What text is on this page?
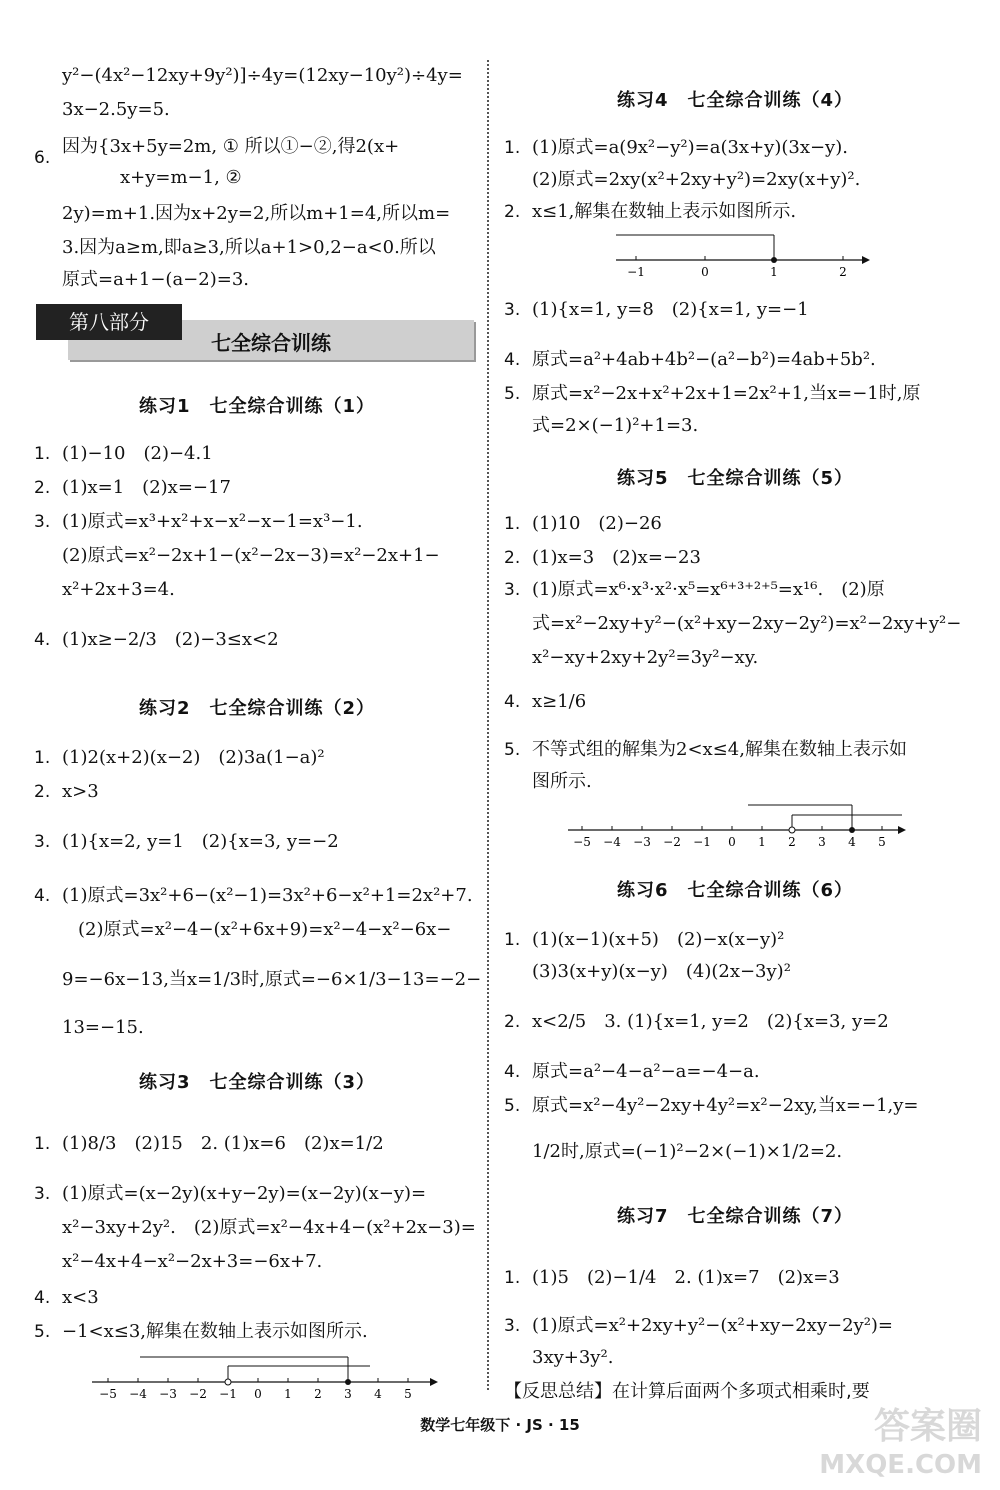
y²−(4x²−12xy+9y²)]÷4y=(12xy−10y²)÷4y=
3x−2.5y=5.
6.
因为{3x+5y=2m, ① 所以①−②,得2(x+
x+y=m−1, ②
2y)=m+1.因为x+2y=2,所以m+1=4,所以m=
3.因为a≥m,即a≥3,所以a+1>0,2−a<0.所以
原式=a+1−(a−2)=3.
七全综合训练
第八部分
练习1　七全综合训练（1）
1. (1)−10　(2)−4.1
2. (1)x=1　(2)x=−17
3. (1)原式=x³+x²+x−x²−x−1=x³−1.
(2)原式=x²−2x+1−(x²−2x−3)=x²−2x+1−
x²+2x+3=4.
4. (1)x≥−2/3　(2)−3≤x<2
练习2　七全综合训练（2）
1. (1)2(x+2)(x−2)　(2)3a(1−a)²
2. x>3
3. (1){x=2, y=1　(2){x=3, y=−2
4. (1)原式=3x²+6−(x²−1)=3x²+6−x²+1=2x²+7.
(2)原式=x²−4−(x²+6x+9)=x²−4−x²−6x−
9=−6x−13,当x=1/3时,原式=−6×1/3−13=−2−
13=−15.
练习3　七全综合训练（3）
1. (1)8/3　(2)15　2. (1)x=6　(2)x=1/2
3. (1)原式=(x−2y)(x+y−2y)=(x−2y)(x−y)=
x²−3xy+2y².　(2)原式=x²−4x+4−(x²+2x−3)=
x²−4x+4−x²−2x+3=−6x+7.
4. x<3
5. −1<x≤3,解集在数轴上表示如图所示.
−5 −4 −3 −2 −1 0 1 2 3 4 5
练习4　七全综合训练（4）
1. (1)原式=a(9x²−y²)=a(3x+y)(3x−y).
(2)原式=2xy(x²+2xy+y²)=2xy(x+y)².
2. x≤1,解集在数轴上表示如图所示.
3. (1){x=1, y=8　(2){x=1, y=−1
4. 原式=a²+4ab+4b²−(a²−b²)=4ab+5b².
5. 原式=x²−2x+x²+2x+1=2x²+1,当x=−1时,原
式=2×(−1)²+1=3.
练习5　七全综合训练（5）
1. (1)10　(2)−26
2. (1)x=3　(2)x=−23
3. (1)原式=x⁶·x³·x²·x⁵=x⁶⁺³⁺²⁺⁵=x¹⁶.　(2)原
式=x²−2xy+y²−(x²+xy−2xy−2y²)=x²−2xy+y²−
x²−xy+2xy+2y²=3y²−xy.
4. x≥1/6
5. 不等式组的解集为2<x≤4,解集在数轴上表示如
图所示.
练习6　七全综合训练（6）
1. (1)(x−1)(x+5)　(2)−x(x−y)²
(3)3(x+y)(x−y)　(4)(2x−3y)²
2. x<2/5　3. (1){x=1, y=2　(2){x=3, y=2
4. 原式=a²−4−a²−a=−4−a.
5. 原式=x²−4y²−2xy+4y²=x²−2xy,当x=−1,y=
1/2时,原式=(−1)²−2×(−1)×1/2=2.
练习7　七全综合训练（7）
1. (1)5　(2)−1/4　2. (1)x=7　(2)x=3
3. (1)原式=x²+2xy+y²−(x²+xy−2xy−2y²)=
3xy+3y².
【反思总结】在计算后面两个多项式相乘时,要
−1	0	1	2
−5 −4 −3 −2 −1 0 1 2 3 4 5
数学七年级下 · JS · 15	答案圈
MXQE.COM
